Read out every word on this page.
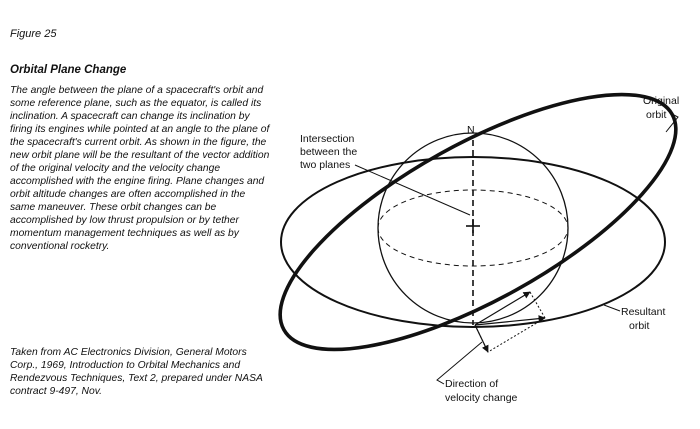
Figure 25
Orbital Plane Change

The angle between the plane of a spacecraft's orbit and some reference plane, such as the equator, is called its inclination. A spacecraft can change its inclination by firing its engines while pointed at an angle to the plane of the spacecraft's current orbit. As shown in the figure, the new orbit plane will be the resultant of the vector addition of the original velocity and the velocity change accomplished with the engine firing. Plane changes and orbit altitude changes are often accomplished in the same maneuver. These orbit changes can be accomplished by low thrust propulsion or by tether momentum management techniques as well as by conventional rocketry.

Taken from AC Electronics Division, General Motors Corp., 1969, Introduction to Orbital Mechanics and Rendezvous Techniques, Text 2, prepared under NASA contract 9-497, Nov.

N
Intersection
between the
two planes
Original
orbit
Resultant
orbit
Direction of
velocity change
